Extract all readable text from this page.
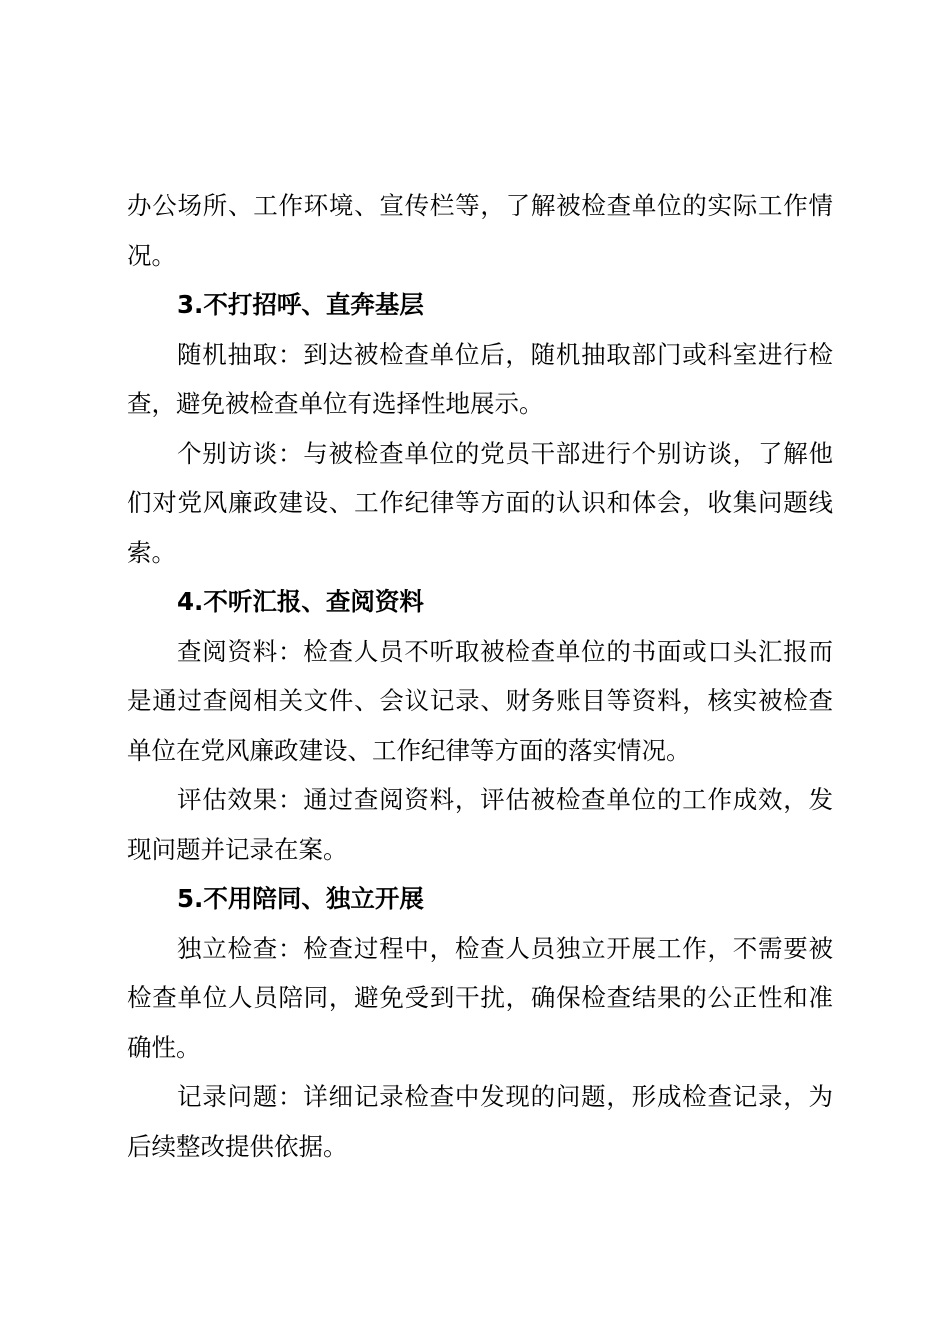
办公场所、工作环境、宣传栏等，了解被检查单位的实际工作情况。

3.不打招呼、直奔基层

随机抽取：到达被检查单位后，随机抽取部门或科室进行检查，避免被检查单位有选择性地展示。

个别访谈：与被检查单位的党员干部进行个别访谈，了解他们对党风廉政建设、工作纪律等方面的认识和体会，收集问题线索。

4.不听汇报、查阅资料

查阅资料：检查人员不听取被检查单位的书面或口头汇报而是通过查阅相关文件、会议记录、财务账目等资料，核实被检查单位在党风廉政建设、工作纪律等方面的落实情况。

评估效果：通过查阅资料，评估被检查单位的工作成效，发现问题并记录在案。

5.不用陪同、独立开展

独立检查：检查过程中，检查人员独立开展工作，不需要被检查单位人员陪同，避免受到干扰，确保检查结果的公正性和准确性。

记录问题：详细记录检查中发现的问题，形成检查记录，为后续整改提供依据。
